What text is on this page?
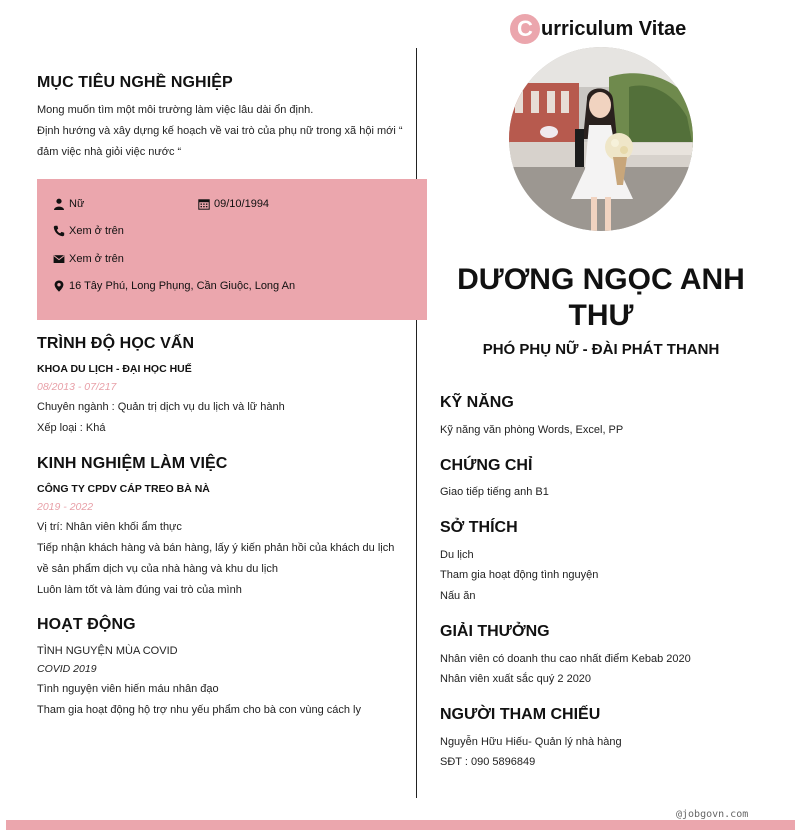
MỤC TIÊU NGHỀ NGHIỆP
Mong muốn tìm một môi trường làm việc lâu dài ổn định.
Định hướng và xây dựng kế hoạch về vai trò của phụ nữ trong xã hội mới “
đảm việc nhà giỏi việc nước “
Nữ	09/10/1994
Xem ở trên
Xem ở trên
16 Tây Phú, Long Phụng, Cần Giuộc, Long An
TRÌNH ĐỘ HỌC VẤN
KHOA DU LỊCH - ĐẠI HỌC HUẾ
08/2013 - 07/217
Chuyên ngành : Quản trị dịch vụ du lịch và lữ hành
Xếp loại : Khá
KINH NGHIỆM LÀM VIỆC
CÔNG TY CPDV CÁP TREO BÀ NÀ
2019 - 2022
Vị trí: Nhân viên khối ẩm thực
Tiếp nhận khách hàng và bán hàng, lấy ý kiến phản hồi của khách du lịch
về sản phẩm dịch vụ của nhà hàng và khu du lịch
Luôn làm tốt và làm đúng vai trò của mình
HOẠT ĐỘNG
TÌNH NGUYỆN MÙA COVID
COVID 2019
Tình nguyện viên hiến máu nhân đạo
Tham gia hoạt động hộ trợ nhu yếu phẩm cho bà con vùng cách ly
C urriculum Vitae
DƯƠNG NGỌC ANH THƯ
PHÓ PHỤ NỮ - ĐÀI PHÁT THANH
KỸ NĂNG
Kỹ năng văn phòng Words, Excel, PP
CHỨNG CHỈ
Giao tiếp tiếng anh B1
SỞ THÍCH
Du lịch
Tham gia hoạt động tình nguyện
Nấu ăn
GIẢI THƯỞNG
Nhân viên có doanh thu cao nhất điểm Kebab 2020
Nhân viên xuất sắc quý 2 2020
NGƯỜI THAM CHIẾU
Nguyễn Hữu Hiếu- Quản lý nhà hàng
SĐT : 090 5896849
@jobgovn.com
